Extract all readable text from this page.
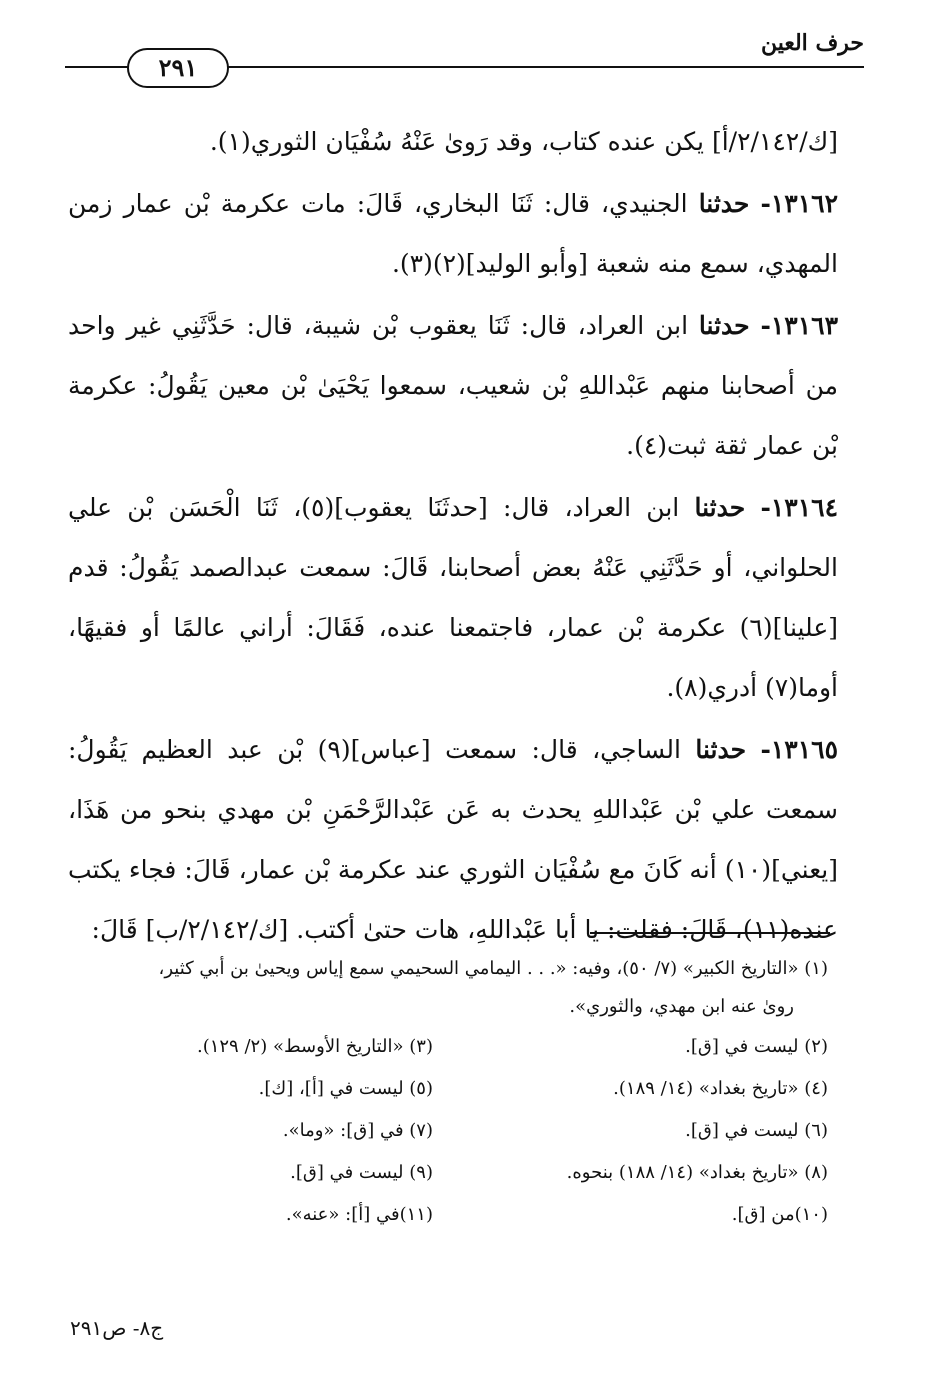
حرف العين
٢٩١

[ك/٢/١٤٢/أ] يكن عنده كتاب، وقد رَوىٰ عَنْهُ سُفْيَان الثوري(١).

١٣١٦٢- حدثنا الجنيدي، قال: ثَنَا البخاري، قَالَ: مات عكرمة بْن عمار زمن المهدي، سمع منه شعبة [وأبو الوليد](٢)(٣).

١٣١٦٣- حدثنا ابن العراد، قال: ثَنَا يعقوب بْن شيبة، قال: حَدَّثَنِي غير واحد من أصحابنا منهم عَبْداللهِ بْن شعيب، سمعوا يَحْيَىٰ بْن معين يَقُولُ: عكرمة بْن عمار ثقة ثبت(٤).

١٣١٦٤- حدثنا ابن العراد، قال: [حدثَنَا يعقوب](٥)، ثَنَا الْحَسَن بْن علي الحلواني، أو حَدَّثَنِي عَنْهُ بعض أصحابنا، قَالَ: سمعت عبدالصمد يَقُولُ: قدم [علينا](٦) عكرمة بْن عمار، فاجتمعنا عنده، فَقَالَ: أراني عالمًا أو فقيهًا، أوما(٧) أدري(٨).

١٣١٦٥- حدثنا الساجي، قال: سمعت [عباس](٩) بْن عبد العظيم يَقُولُ: سمعت علي بْن عَبْداللهِ يحدث به عَن عَبْدالرَّحْمَنِ بْن مهدي بنحو من هَذَا، [يعني](١٠) أنه كَانَ مع سُفْيَان الثوري عند عكرمة بْن عمار، قَالَ: فجاء يكتب عنده(١١)، قَالَ: فقلت: يا أبا عَبْداللهِ، هات حتىٰ أكتب. [ك/٢/١٤٢/ب] قَالَ:

(١) «التاريخ الكبير» (٧/ ٥٠)، وفيه: «. . . اليمامي السحيمي سمع إياس ويحيىٰ بن أبي كثير،
رویٰ عنه ابن مهدي، والثوري».
(٢) ليست في [ق].
(٣) «التاريخ الأوسط» (٢/ ١٢٩).
(٤) «تاريخ بغداد» (١٤/ ١٨٩).
(٥) ليست في [أ]، [ك].
(٦) ليست في [ق].
(٧) في [ق]: «وما».
(٨) «تاريخ بغداد» (١٤/ ١٨٨) بنحوه.
(٩) ليست في [ق].
(١٠)من [ق].
(١١)في [أ]: «عنه».
ج٨- ص٢٩١
